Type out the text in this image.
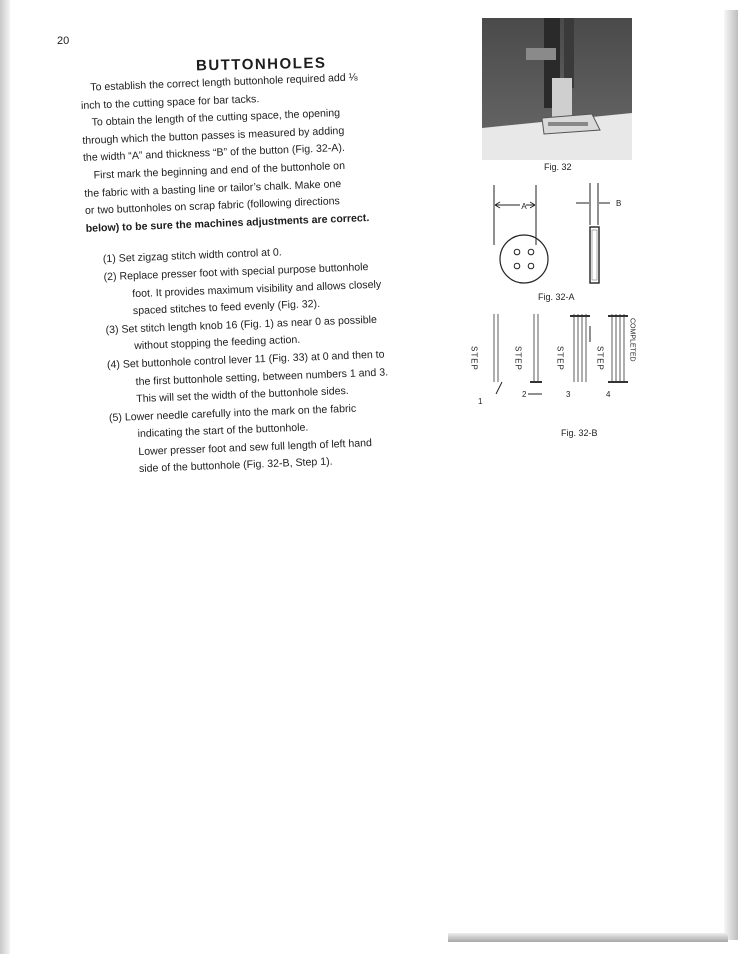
20
BUTTONHOLES

To establish the correct length buttonhole required add ⅛

inch to the cutting space for bar tacks.

To obtain the length of the cutting space, the opening

through which the button passes is measured by adding

the width “A” and thickness “B” of the button (Fig. 32-A).

First mark the beginning and end of the buttonhole on

the fabric with a basting line or tailor’s chalk. Make one

or two buttonholes on scrap fabric (following directions

below) to be sure the machines adjustments are correct.

(1) Set zigzag stitch width control at 0.

(2) Replace presser foot with special purpose buttonhole

foot. It provides maximum visibility and allows closely

spaced stitches to feed evenly (Fig. 32).

(3) Set stitch length knob 16 (Fig. 1) as near 0 as possible

without stopping the feeding action.

(4) Set buttonhole control lever 11 (Fig. 33) at 0 and then to

the first buttonhole setting, between numbers 1 and 3.

This will set the width of the buttonhole sides.

(5) Lower needle carefully into the mark on the fabric

indicating the start of the buttonhole.

Lower presser foot and sew full length of left hand

side of the buttonhole (Fig. 32-B, Step 1).

Fig. 32
A	B
Fig. 32-A
1
2	3	4
STEP	STEP	STEP	STEP	COMPLETED
Fig. 32-B
